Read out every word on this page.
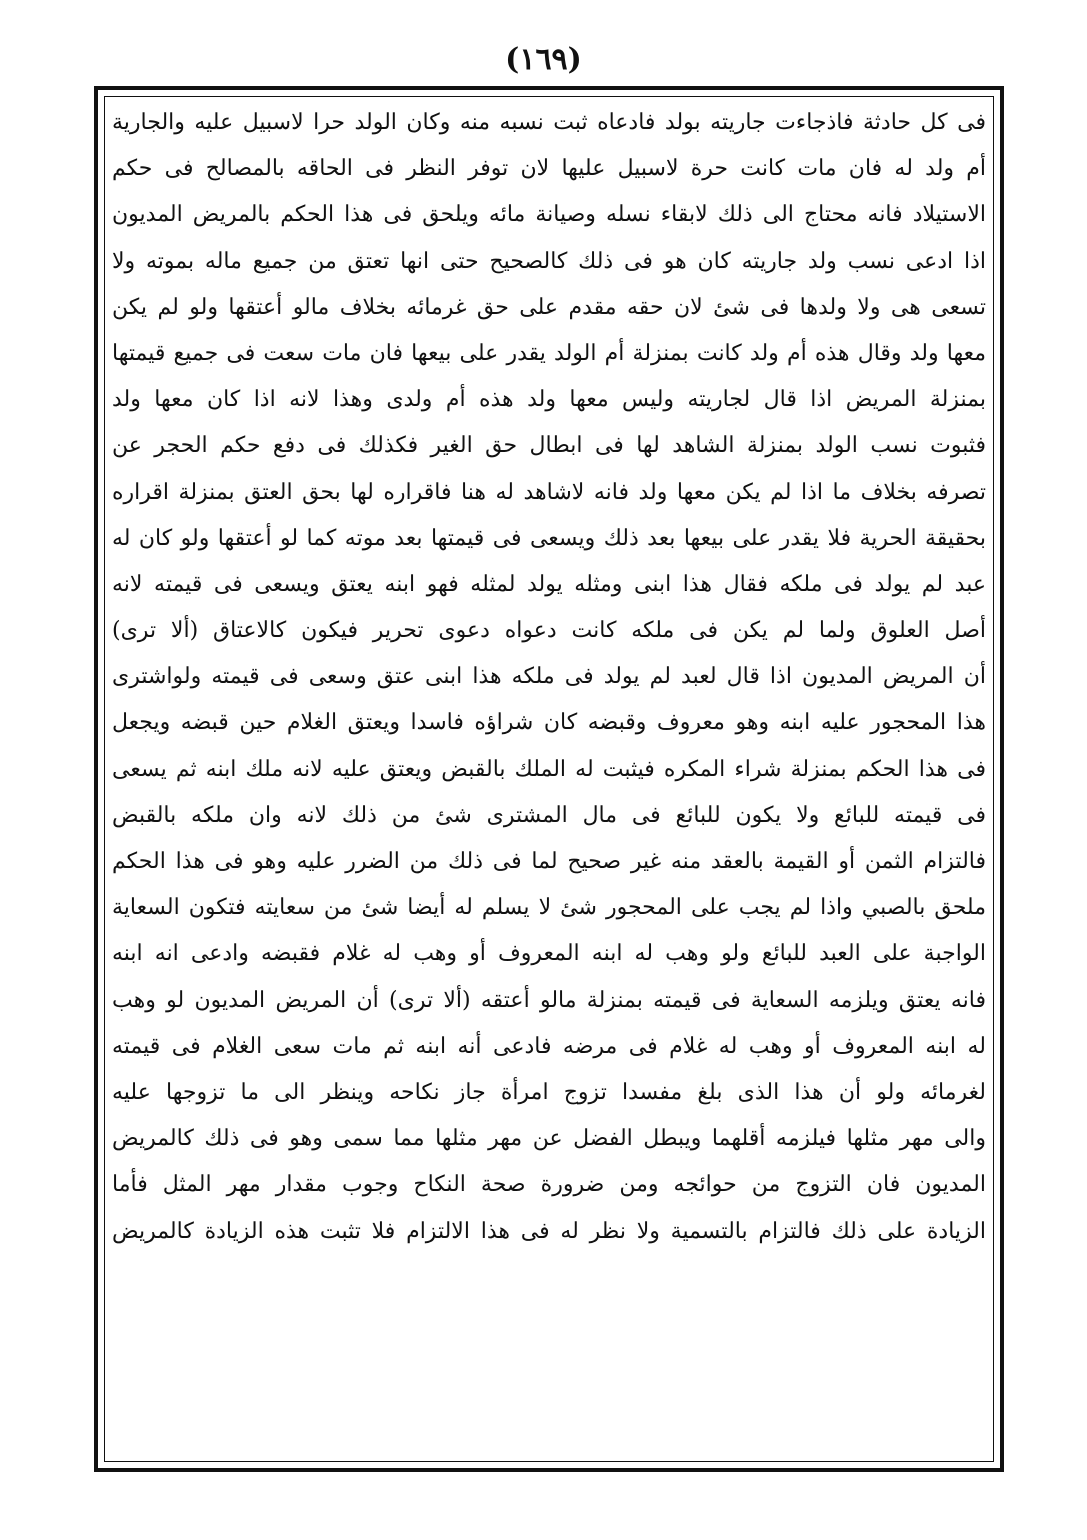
(١٦٩)
فى كل حادثة فاذجاءت جاريته بولد فادعاه ثبت نسبه منه وكان الولد حرا لاسبيل عليه والجارية
أم ولد له فان مات كانت حرة لاسبيل عليها لان توفر النظر فى الحاقه بالمصالح فى حكم
الاستيلاد فانه محتاج الى ذلك لابقاء نسله وصيانة مائه ويلحق فى هذا الحكم بالمريض المديون
اذا ادعى نسب ولد جاريته كان هو فى ذلك كالصحيح حتى انها تعتق من جميع ماله بموته ولا
تسعى هى ولا ولدها فى شئ لان حقه مقدم على حق غرمائه بخلاف مالو أعتقها ولو لم يكن
معها ولد وقال هذه أم ولد كانت بمنزلة أم الولد يقدر على بيعها فان مات سعت فى جميع قيمتها
بمنزلة المريض اذا قال لجاريته وليس معها ولد هذه أم ولدى وهذا لانه اذا كان معها ولد
فثبوت نسب الولد بمنزلة الشاهد لها فى ابطال حق الغير فكذلك فى دفع حكم الحجر عن
تصرفه بخلاف ما اذا لم يكن معها ولد فانه لاشاهد له هنا فاقراره لها بحق العتق بمنزلة اقراره
بحقيقة الحرية فلا يقدر على بيعها بعد ذلك ويسعى فى قيمتها بعد موته كما لو أعتقها ولو كان له
عبد لم يولد فى ملكه فقال هذا ابنى ومثله يولد لمثله فهو ابنه يعتق ويسعى فى قيمته لانه
أصل العلوق ولما لم يكن فى ملكه كانت دعواه دعوى تحرير فيكون كالاعتاق (ألا ترى)
أن المريض المديون اذا قال لعبد لم يولد فى ملكه هذا ابنى عتق وسعى فى قيمته ولواشترى
هذا المحجور عليه ابنه وهو معروف وقبضه كان شراؤه فاسدا ويعتق الغلام حين قبضه ويجعل
فى هذا الحكم بمنزلة شراء المكره فيثبت له الملك بالقبض ويعتق عليه لانه ملك ابنه ثم يسعى
فى قيمته للبائع ولا يكون للبائع فى مال المشترى شئ من ذلك لانه وان ملكه بالقبض
فالتزام الثمن أو القيمة بالعقد منه غير صحيح لما فى ذلك من الضرر عليه وهو فى هذا الحكم
ملحق بالصبي واذا لم يجب على المحجور شئ لا يسلم له أيضا شئ من سعايته فتكون السعاية
الواجبة على العبد للبائع ولو وهب له ابنه المعروف أو وهب له غلام فقبضه وادعى انه ابنه
فانه يعتق ويلزمه السعاية فى قيمته بمنزلة مالو أعتقه (ألا ترى) أن المريض المديون لو وهب
له ابنه المعروف أو وهب له غلام فى مرضه فادعى أنه ابنه ثم مات سعى الغلام فى قيمته
لغرمائه ولو أن هذا الذى بلغ مفسدا تزوج امرأة جاز نكاحه وينظر الى ما تزوجها عليه
والى مهر مثلها فيلزمه أقلهما ويبطل الفضل عن مهر مثلها مما سمى وهو فى ذلك كالمريض
المديون فان التزوج من حوائجه ومن ضرورة صحة النكاح وجوب مقدار مهر المثل فأما
الزيادة على ذلك فالتزام بالتسمية ولا نظر له فى هذا الالتزام فلا تثبت هذه الزيادة كالمريض
